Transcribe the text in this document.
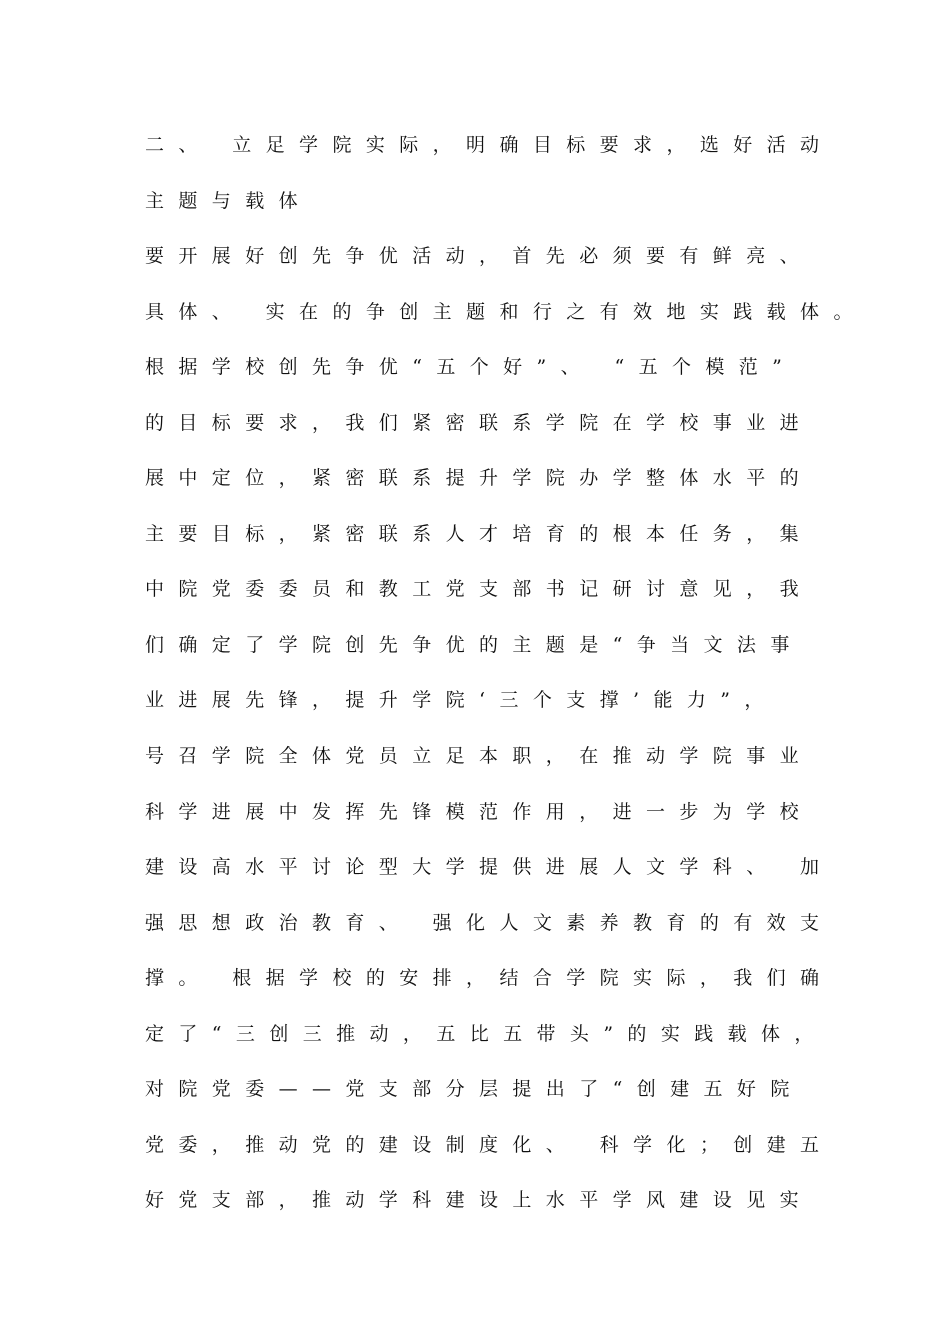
二、 立足学院实际，明确目标要求，选好活动
主题与载体
要开展好创先争优活动，首先必须要有鲜亮、
具体、 实在的争创主题和行之有效地实践载体。
根据学校创先争优“五个好”、 “五个模范”
的目标要求，我们紧密联系学院在学校事业进
展中定位，紧密联系提升学院办学整体水平的
主要目标，紧密联系人才培育的根本任务，集
中院党委委员和教工党支部书记研讨意见，我
们确定了学院创先争优的主题是“争当文法事
业进展先锋，提升学院‘三个支撑’能力”，
号召学院全体党员立足本职，在推动学院事业
科学进展中发挥先锋模范作用，进一步为学校
建设高水平讨论型大学提供进展人文学科、 加
强思想政治教育、 强化人文素养教育的有效支
撑。 根据学校的安排，结合学院实际，我们确
定了“三创三推动，五比五带头”的实践载体，
对院党委——党支部分层提出了“创建五好院
党委，推动党的建设制度化、 科学化；创建五
好党支部，推动学科建设上水平学风建设见实
